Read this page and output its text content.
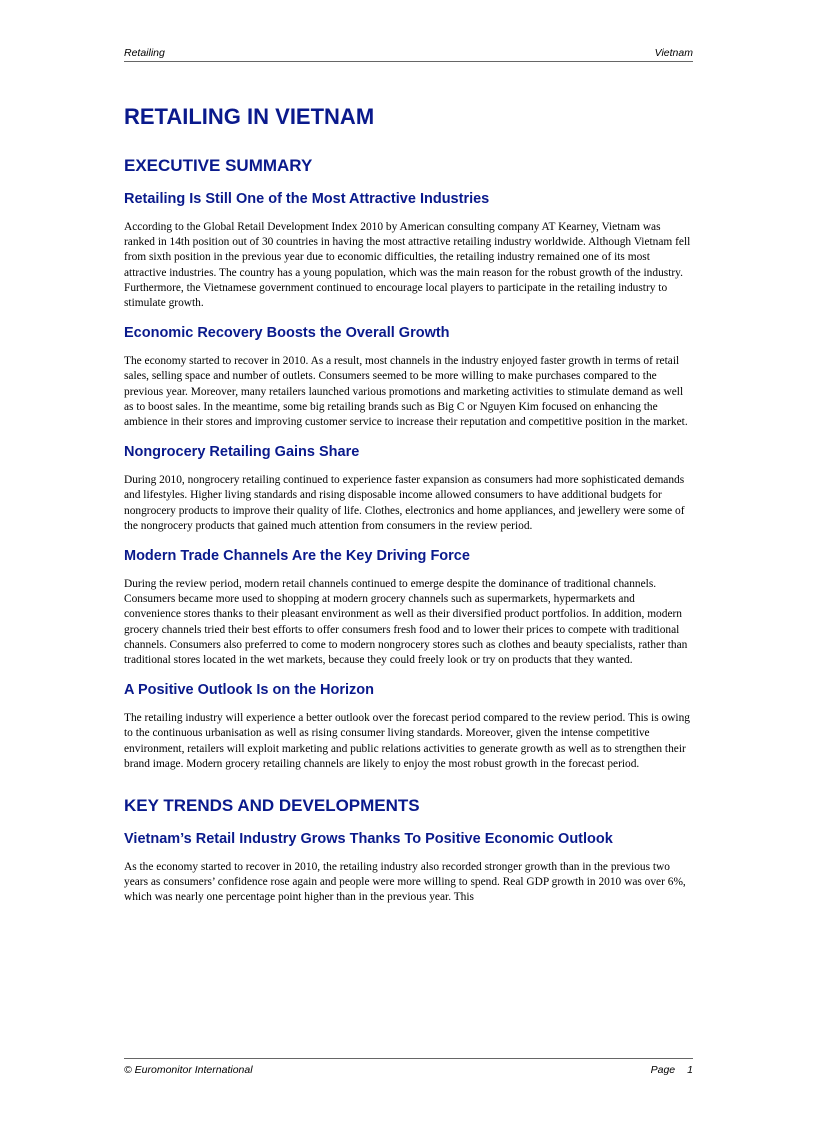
Retailing	Vietnam
RETAILING IN VIETNAM
EXECUTIVE SUMMARY
Retailing Is Still One of the Most Attractive Industries

According to the Global Retail Development Index 2010 by American consulting company AT Kearney, Vietnam was ranked in 14th position out of 30 countries in having the most attractive retailing industry worldwide. Although Vietnam fell from sixth position in the previous year due to economic difficulties, the retailing industry remained one of its most attractive industries. The country has a young population, which was the main reason for the robust growth of the industry. Furthermore, the Vietnamese government continued to encourage local players to participate in the retailing industry to stimulate growth.

Economic Recovery Boosts the Overall Growth

The economy started to recover in 2010. As a result, most channels in the industry enjoyed faster growth in terms of retail sales, selling space and number of outlets. Consumers seemed to be more willing to make purchases compared to the previous year. Moreover, many retailers launched various promotions and marketing activities to stimulate demand as well as to boost sales. In the meantime, some big retailing brands such as Big C or Nguyen Kim focused on enhancing the ambience in their stores and improving customer service to increase their reputation and competitive position in the market.

Nongrocery Retailing Gains Share

During 2010, nongrocery retailing continued to experience faster expansion as consumers had more sophisticated demands and lifestyles. Higher living standards and rising disposable income allowed consumers to have additional budgets for nongrocery products to improve their quality of life. Clothes, electronics and home appliances, and jewellery were some of the nongrocery products that gained much attention from consumers in the review period.

Modern Trade Channels Are the Key Driving Force

During the review period, modern retail channels continued to emerge despite the dominance of traditional channels. Consumers became more used to shopping at modern grocery channels such as supermarkets, hypermarkets and convenience stores thanks to their pleasant environment as well as their diversified product portfolios. In addition, modern grocery channels tried their best efforts to offer consumers fresh food and to lower their prices to compete with traditional channels. Consumers also preferred to come to modern nongrocery stores such as clothes and beauty specialists, rather than traditional stores located in the wet markets, because they could freely look or try on products that they wanted.

A Positive Outlook Is on the Horizon

The retailing industry will experience a better outlook over the forecast period compared to the review period. This is owing to the continuous urbanisation as well as rising consumer living standards. Moreover, given the intense competitive environment, retailers will exploit marketing and public relations activities to generate growth as well as to strengthen their brand image. Modern grocery retailing channels are likely to enjoy the most robust growth in the forecast period.

KEY TRENDS AND DEVELOPMENTS
Vietnam’s Retail Industry Grows Thanks To Positive Economic Outlook

As the economy started to recover in 2010, the retailing industry also recorded stronger growth than in the previous two years as consumers’ confidence rose again and people were more willing to spend. Real GDP growth in 2010 was over 6%, which was nearly one percentage point higher than in the previous year. This

© Euromonitor International	Page 1
